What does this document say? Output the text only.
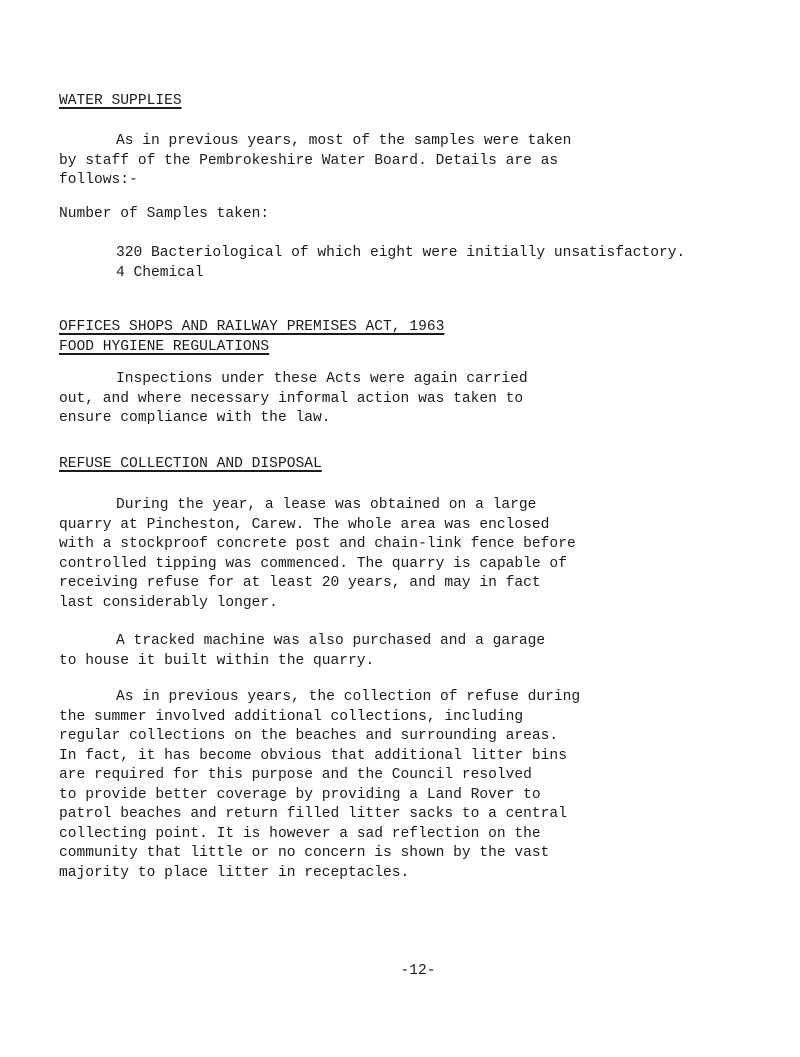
WATER SUPPLIES

As in previous years, most of the samples were taken
by staff of the Pembrokeshire Water Board. Details are as
follows:-

Number of Samples taken:

320 Bacteriological of which eight were initially unsatisfactory.
4 Chemical
OFFICES SHOPS AND RAILWAY PREMISES ACT, 1963
FOOD HYGIENE REGULATIONS

Inspections under these Acts were again carried
out, and where necessary informal action was taken to
ensure compliance with the law.

REFUSE COLLECTION AND DISPOSAL

During the year, a lease was obtained on a large
quarry at Pincheston, Carew. The whole area was enclosed
with a stockproof concrete post and chain-link fence before
controlled tipping was commenced. The quarry is capable of
receiving refuse for at least 20 years, and may in fact
last considerably longer.

A tracked machine was also purchased and a garage
to house it built within the quarry.

As in previous years, the collection of refuse during
the summer involved additional collections, including
regular collections on the beaches and surrounding areas.
In fact, it has become obvious that additional litter bins
are required for this purpose and the Council resolved
to provide better coverage by providing a Land Rover to
patrol beaches and return filled litter sacks to a central
collecting point. It is however a sad reflection on the
community that little or no concern is shown by the vast
majority to place litter in receptacles.

-12-
